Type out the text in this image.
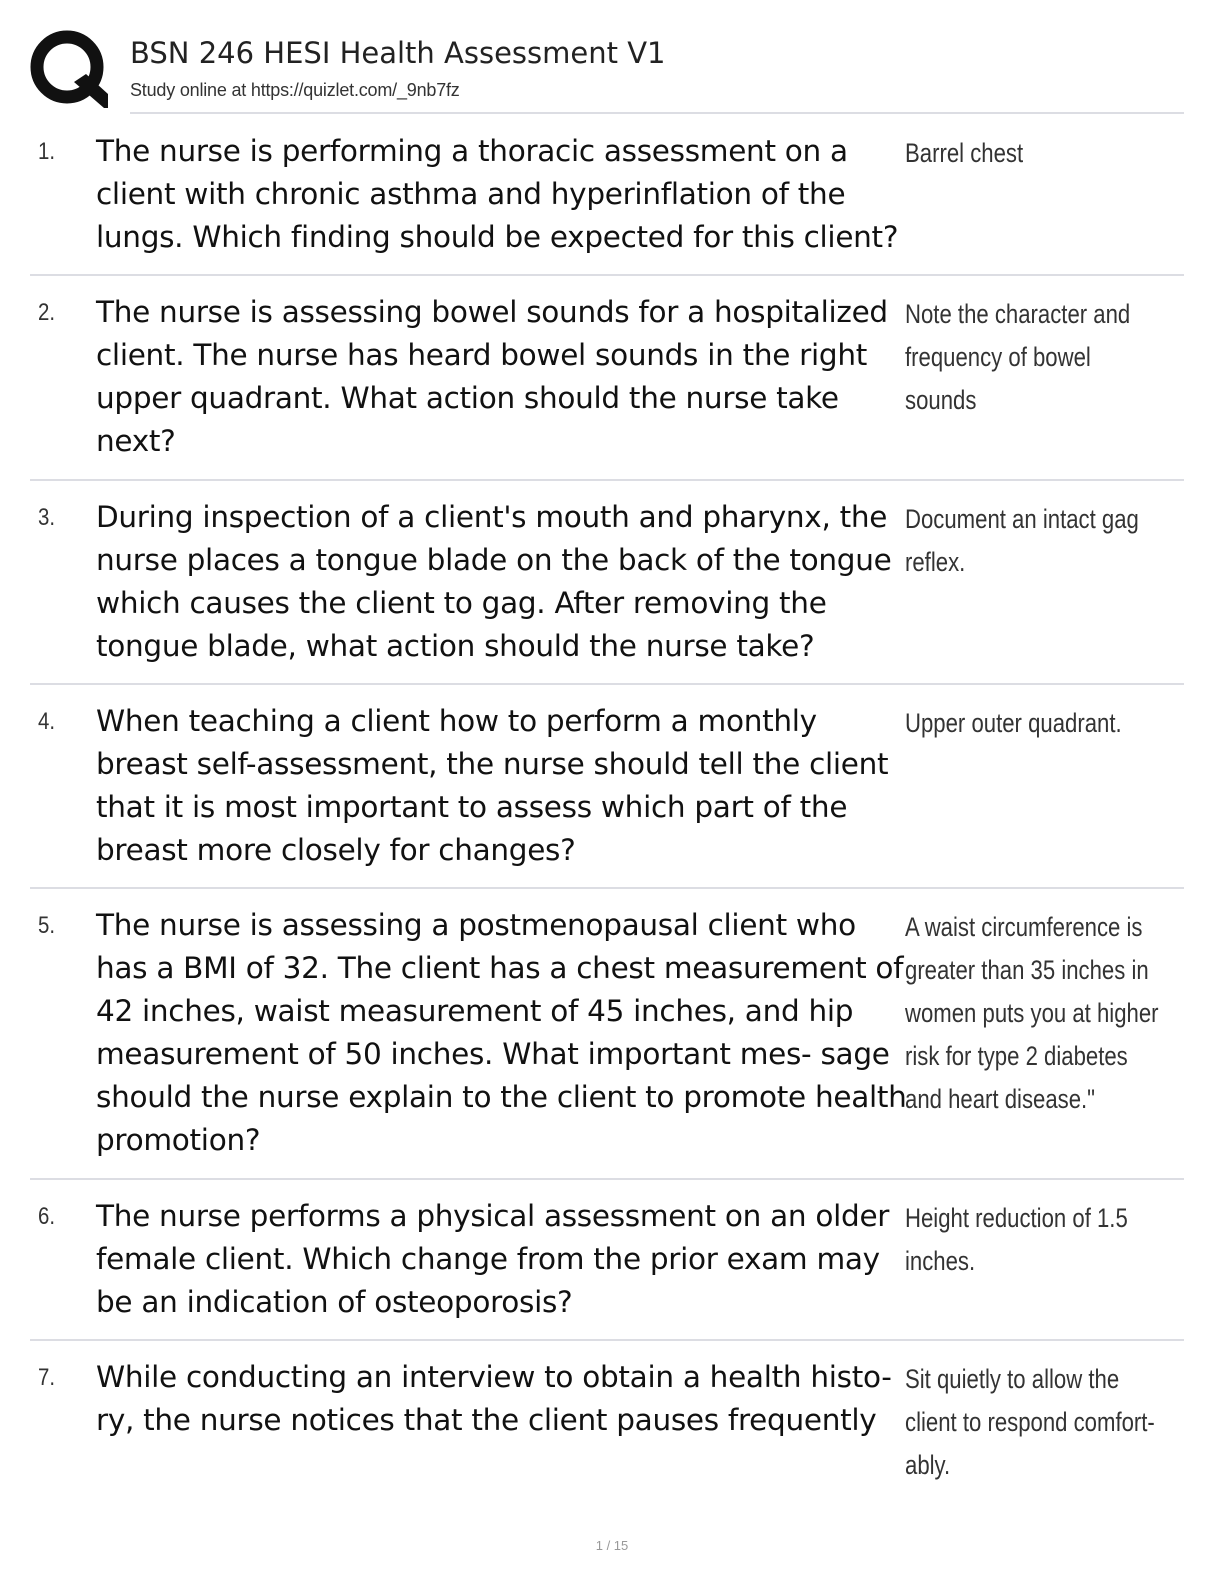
BSN 246 HESI Health Assessment V1
Study online at https://quizlet.com/_9nb7fz
1. The nurse is performing a thoracic assessment on a client with chronic asthma and hyperinflation of the lungs. Which finding should be expected for this client?
Barrel chest
2. The nurse is assessing bowel sounds for a hospitalized client. The nurse has heard bowel sounds in the right upper quadrant. What action should the nurse take next?
Note the character and frequency of bowel sounds
3. During inspection of a client's mouth and pharynx, the nurse places a tongue blade on the back of the tongue which causes the client to gag. After removing the tongue blade, what action should the nurse take?
Document an intact gag reflex.
4. When teaching a client how to perform a monthly breast self-assessment, the nurse should tell the client that it is most important to assess which part of the breast more closely for changes?
Upper outer quadrant.
5. The nurse is assessing a postmenopausal client who has a BMI of 32. The client has a chest measurement of 42 inches, waist measurement of 45 inches, and hip measurement of 50 inches. What important mes- sage should the nurse explain to the client to promote health promotion?
A waist circumference is greater than 35 inches in women puts you at higher risk for type 2 diabetes and heart disease."
6. The nurse performs a physical assessment on an older female client. Which change from the prior exam may be an indication of osteoporosis?
Height reduction of 1.5 inches.
7. While conducting an interview to obtain a health histo- ry, the nurse notices that the client pauses frequently
Sit quietly to allow the client to respond comfort- ably.
1 / 15
